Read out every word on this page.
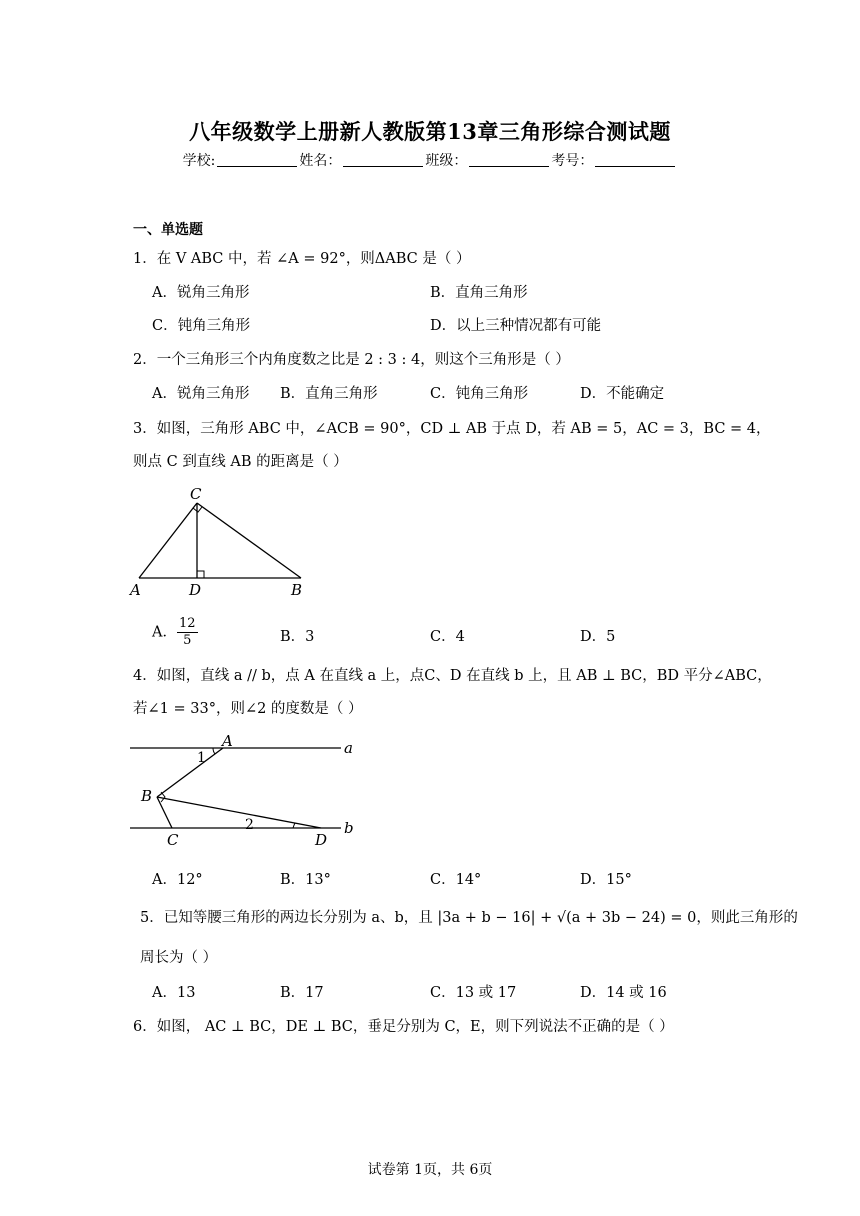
八年级数学上册新人教版第13章三角形综合测试题
学校:	姓名：	班级：	考号：
一、单选题
1．在 V ABC 中，若 ∠A = 92°，则ΔABC 是（ ）
A．锐角三角形	B．直角三角形
C．钝角三角形	D．以上三种情况都有可能
2．一个三角形三个内角度数之比是 2 : 3 : 4，则这个三角形是（ ）
A．锐角三角形 B．直角三角形	C．钝角三角形	D．不能确定
3．如图，三角形 ABC 中，∠ACB = 90°，CD ⊥ AB 于点 D，若 AB = 5，AC = 3，BC = 4，
则点 C 到直线 AB 的距离是（ ）
C
A	D	B
A． $\frac{12}{5}$	B．3	C．4	D．5
4．如图，直线 a // b，点 A 在直线 a 上，点C、D 在直线 b 上，且 AB ⊥ BC，BD 平分∠ABC，
若∠1 = 33°，则∠2 的度数是（ ）
A	a
1
B
2
C	D
b
A．12°	B．13°	C．14°	D．15°
5．已知等腰三角形的两边长分别为 a、b，且 |3a + b − 16| + √(a + 3b − 24) = 0，则此三角形的
周长为（ ）
A．13	B．17	C．13 或 17	D．14 或 16
6．如图， AC ⊥ BC，DE ⊥ BC，垂足分别为 C，E，则下列说法不正确的是（ ）
试卷第 1页，共 6页
